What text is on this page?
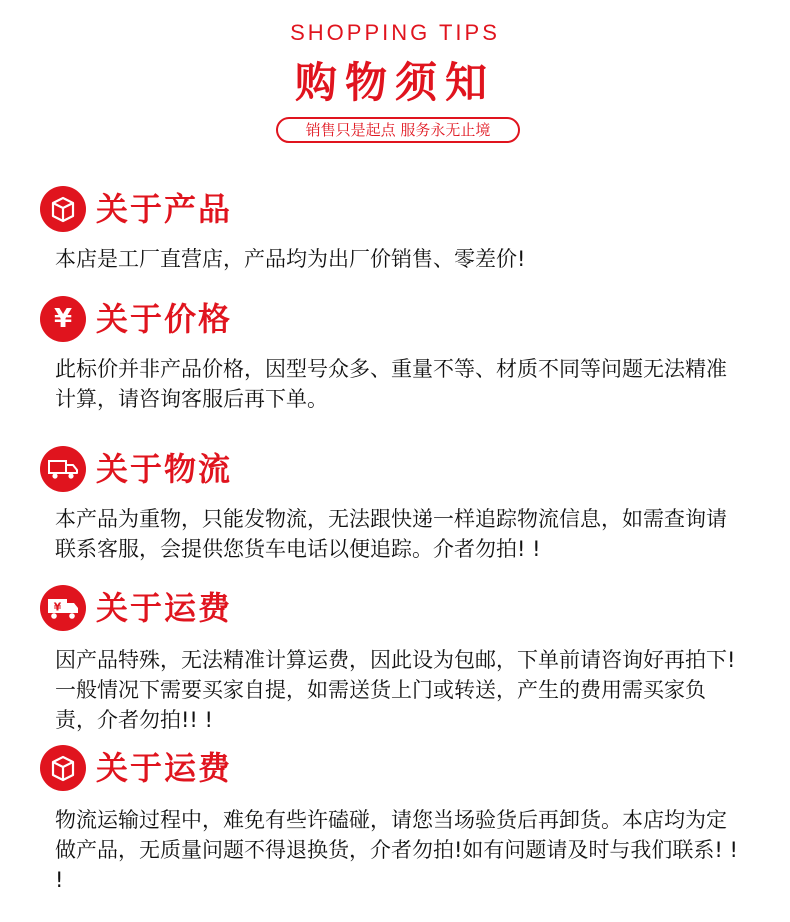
SHOPPING TIPS
购物须知
销售只是起点 服务永无止境
关于产品

本店是工厂直营店，产品均为出厂价销售、零差价!

¥ 关于价格

此标价并非产品价格，因型号众多、重量不等、材质不同等问题无法精准计算，请咨询客服后再下单。

关于物流

本产品为重物，只能发物流，无法跟快递一样追踪物流信息，如需查询请联系客服，会提供您货车电话以便追踪。介者勿拍! !

¥ 关于运费

因产品特殊，无法精准计算运费，因此设为包邮，下单前请咨询好再拍下!一般情况下需要买家自提，如需送货上门或转送，产生的费用需买家负责，介者勿拍!! !

关于运费

物流运输过程中，难免有些许磕碰，请您当场验货后再卸货。本店均为定做产品，无质量问题不得退换货，介者勿拍!如有问题请及时与我们联系! ! !
